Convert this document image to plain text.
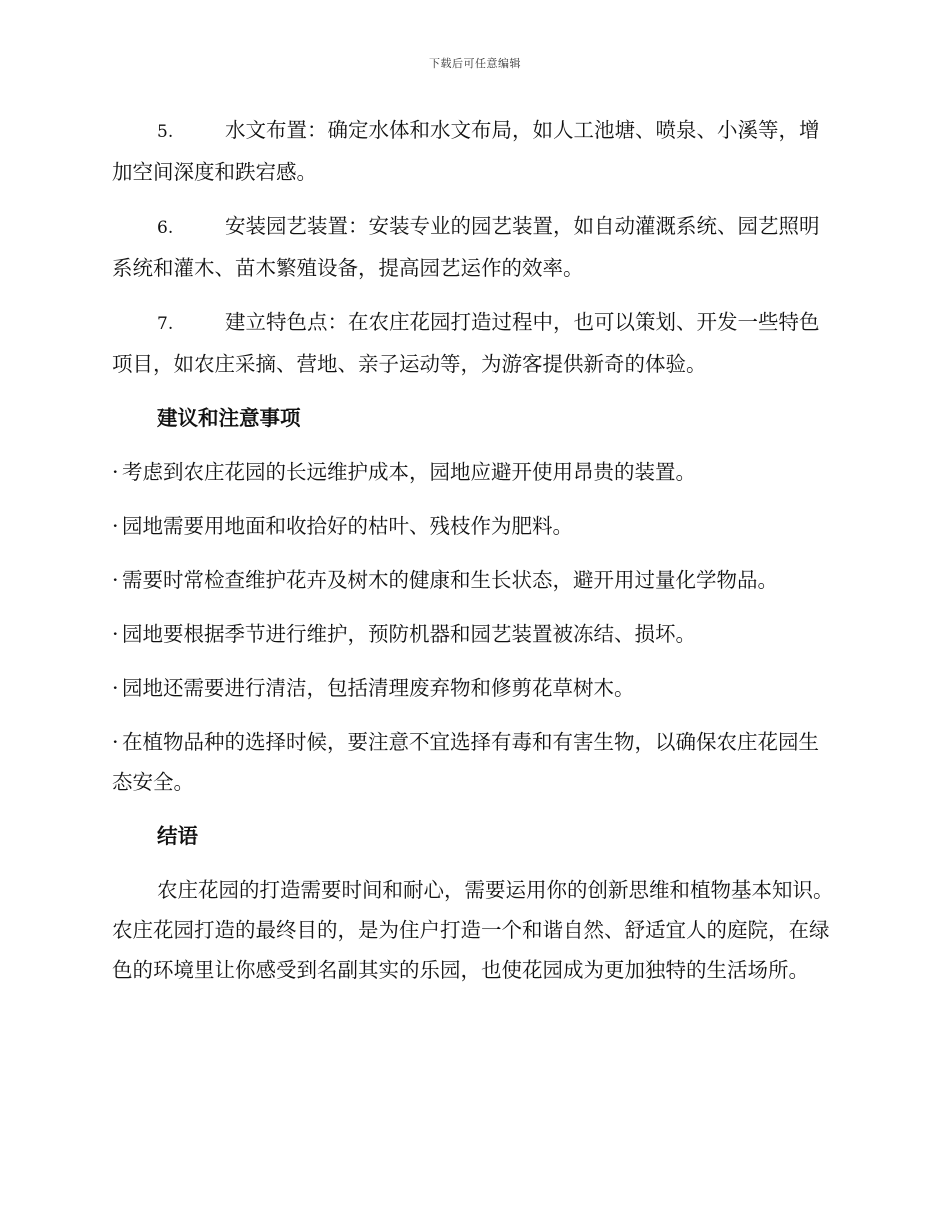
下载后可任意编辑

5.	水文布置：确定水体和水文布局，如人工池塘、喷泉、小溪等，增加空间深度和跌宕感。

6.	安装园艺装置：安装专业的园艺装置，如自动灌溉系统、园艺照明系统和灌木、苗木繁殖设备，提高园艺运作的效率。

7.	建立特色点：在农庄花园打造过程中，也可以策划、开发一些特色项目，如农庄采摘、营地、亲子运动等，为游客提供新奇的体验。

建议和注意事项

· 考虑到农庄花园的长远维护成本，园地应避开使用昂贵的装置。

· 园地需要用地面和收拾好的枯叶、残枝作为肥料。

· 需要时常检查维护花卉及树木的健康和生长状态，避开用过量化学物品。

· 园地要根据季节进行维护，预防机器和园艺装置被冻结、损坏。

· 园地还需要进行清洁，包括清理废弃物和修剪花草树木。

· 在植物品种的选择时候，要注意不宜选择有毒和有害生物，以确保农庄花园生态安全。

结语

农庄花园的打造需要时间和耐心，需要运用你的创新思维和植物基本知识。农庄花园打造的最终目的，是为住户打造一个和谐自然、舒适宜人的庭院，在绿色的环境里让你感受到名副其实的乐园，也使花园成为更加独特的生活场所。
